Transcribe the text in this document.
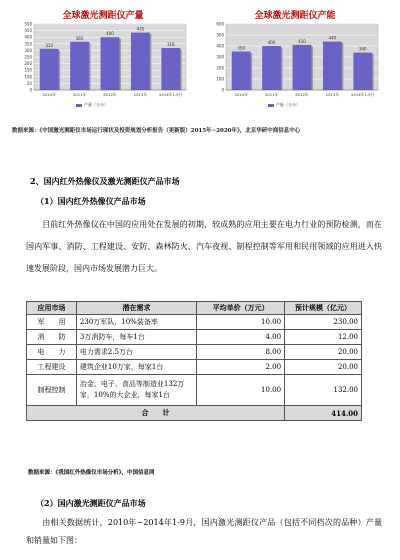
全球激光测距仪产量
0
50
100
150
200
250
300
350
400
450
500
312
2010年
365
2011年
400
2012年
435
2013年
318
2014年1-9月
产量（万台）
全球激光测距仪产能
0
100
200
300
400
500
600
350
2010年
400
2011年
410
2012年
440
2013年
340
2014年1-9月
产能（万台）
数据来源：《中国激光测距仪市场运行现状及投资规划分析报告（更新版）2015年~2020年》，北京华研中商信息中心
2、国内红外热像仪及激光测距仪产品市场
（1）国内红外热像仪产品市场
目前红外热像仪在中国的应用处在发展的初期，较成熟的应用主要在电力行业的预防检测，而在国内军事、消防、工程建设、安防、森林防火、汽车夜视、制程控制等军用和民用领域的应用进入快速发展阶段，国内市场发展潜力巨大。
应用市场	潜在需求	平均单价（万元）	预计规模（亿元）
军　　用	230万军队，10%装备率	10.00	230.00
消　　防	3万消防车，每车1台	4.00	12.00
电　　力	电力需求2.5万台	8.00	20.00
工程建设	建筑企业10万家，每家1台	2.00	20.00
制程控制	冶金、电子、食品等制造业132万家，10%的大企业，每家1台	10.00	132.00
合　　计			414.00
数据来源：《我国红外热像仪市场分析》，中国信息网
（2）国内激光测距仪产品市场
由相关数据统计，2010年~2014年1-9月，国内激光测距仪产品（包括不同档次的品种）产量和销量如下图：
